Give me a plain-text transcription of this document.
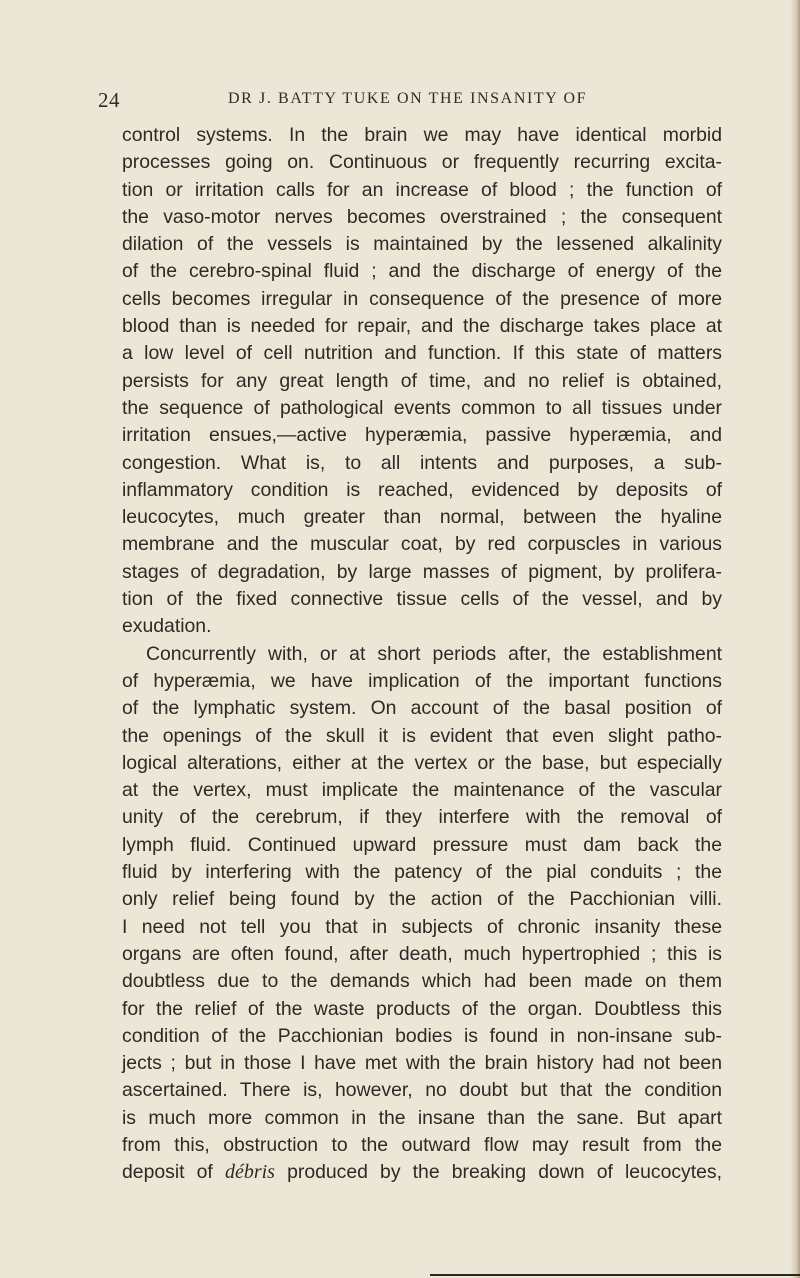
24	DR J. BATTY TUKE ON THE INSANITY OF
control systems. In the brain we may have identical morbid
processes going on. Continuous or frequently recurring excita-
tion or irritation calls for an increase of blood ; the function of
the vaso-motor nerves becomes overstrained ; the consequent
dilation of the vessels is maintained by the lessened alkalinity
of the cerebro-spinal fluid ; and the discharge of energy of the
cells becomes irregular in consequence of the presence of more
blood than is needed for repair, and the discharge takes place at
a low level of cell nutrition and function. If this state of matters
persists for any great length of time, and no relief is obtained,
the sequence of pathological events common to all tissues under
irritation ensues,—active hyperæmia, passive hyperæmia, and
congestion. What is, to all intents and purposes, a sub-
inflammatory condition is reached, evidenced by deposits of
leucocytes, much greater than normal, between the hyaline
membrane and the muscular coat, by red corpuscles in various
stages of degradation, by large masses of pigment, by prolifera-
tion of the fixed connective tissue cells of the vessel, and by
exudation.
Concurrently with, or at short periods after, the establishment
of hyperæmia, we have implication of the important functions
of the lymphatic system. On account of the basal position of
the openings of the skull it is evident that even slight patho-
logical alterations, either at the vertex or the base, but especially
at the vertex, must implicate the maintenance of the vascular
unity of the cerebrum, if they interfere with the removal of
lymph fluid. Continued upward pressure must dam back the
fluid by interfering with the patency of the pial conduits ; the
only relief being found by the action of the Pacchionian villi.
I need not tell you that in subjects of chronic insanity these
organs are often found, after death, much hypertrophied ; this is
doubtless due to the demands which had been made on them
for the relief of the waste products of the organ. Doubtless this
condition of the Pacchionian bodies is found in non-insane sub-
jects ; but in those I have met with the brain history had not been
ascertained. There is, however, no doubt but that the condition
is much more common in the insane than the sane. But apart
from this, obstruction to the outward flow may result from the
deposit of débris produced by the breaking down of leucocytes,
